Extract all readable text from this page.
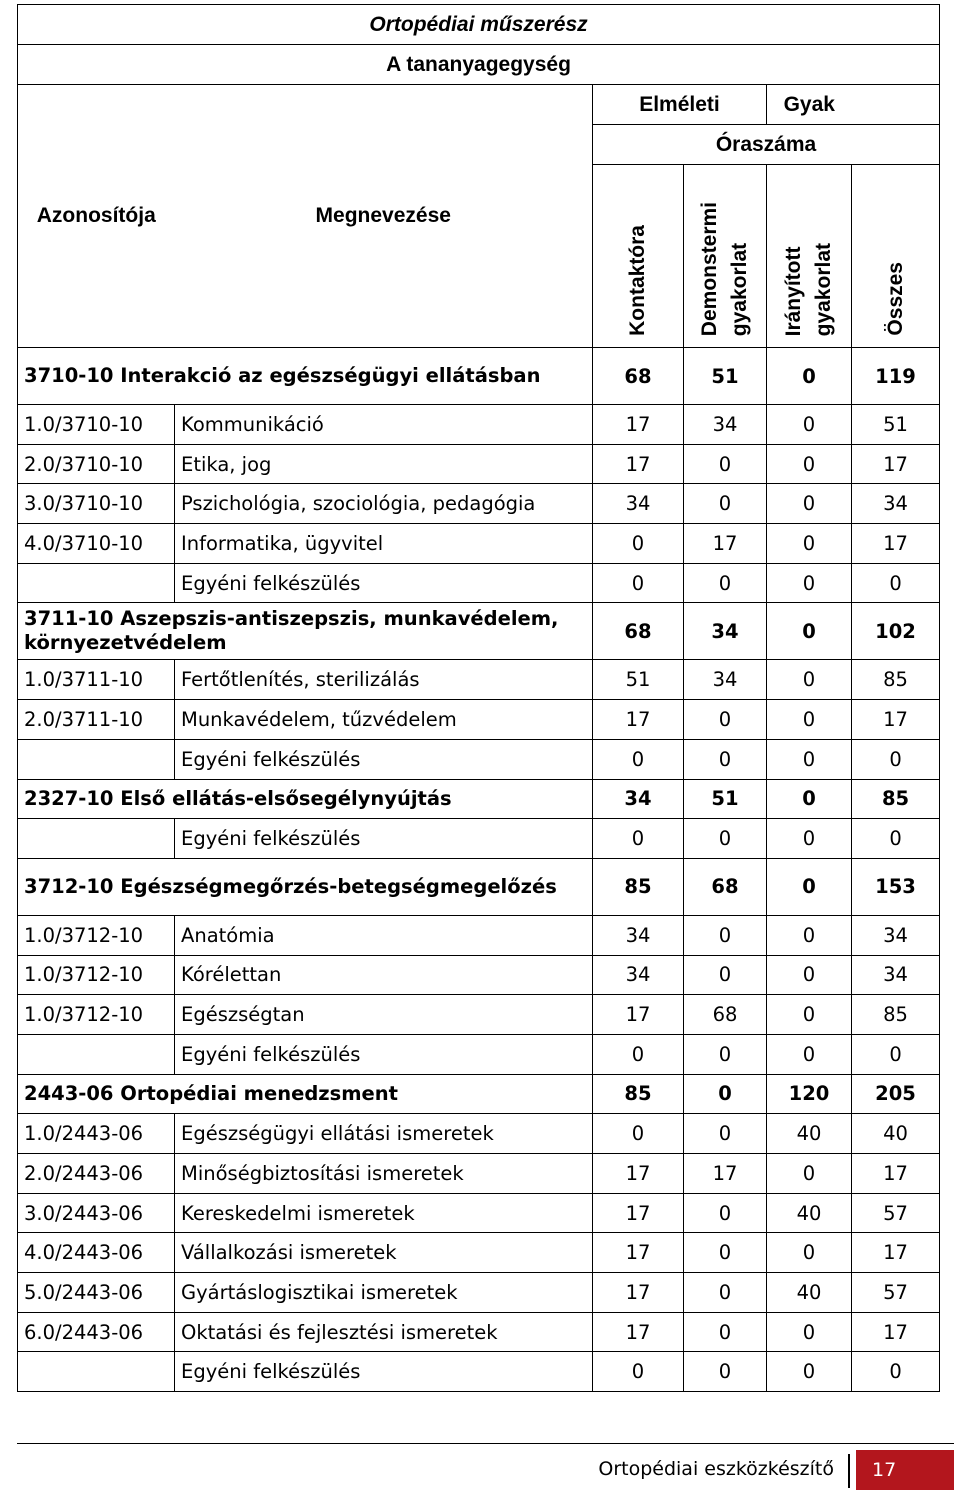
Ortopédiai műszerész					
A tananyagegység					
Azonosítója	Megnevezése	Elméleti		Gyak	
		Óraszáma			
		Kontaktóra	Demonstermi gyakorlat	Irányított gyakorlat	Összes
3710-10 Interakció az egészségügyi ellátásban		68	51	0	119
1.0/3710-10	Kommunikáció	17	34	0	51
2.0/3710-10	Etika, jog	17	0	0	17
3.0/3710-10	Pszichológia, szociológia, pedagógia	34	0	0	34
4.0/3710-10	Informatika, ügyvitel	0	17	0	17
	Egyéni felkészülés	0	0	0	0
3711-10 Aszepszis-antiszepszis, munkavédelem, környezetvédelem		68	34	0	102
1.0/3711-10	Fertőtlenítés, sterilizálás	51	34	0	85
2.0/3711-10	Munkavédelem, tűzvédelem	17	0	0	17
	Egyéni felkészülés	0	0	0	0
2327-10 Első ellátás-elsősegélynyújtás		34	51	0	85
	Egyéni felkészülés	0	0	0	0
3712-10 Egészségmegőrzés-betegségmegelőzés		85	68	0	153
1.0/3712-10	Anatómia	34	0	0	34
1.0/3712-10	Kórélettan	34	0	0	34
1.0/3712-10	Egészségtan	17	68	0	85
	Egyéni felkészülés	0	0	0	0
2443-06 Ortopédiai menedzsment		85	0	120	205
1.0/2443-06	Egészségügyi ellátási ismeretek	0	0	40	40
2.0/2443-06	Minőségbiztosítási ismeretek	17	17	0	17
3.0/2443-06	Kereskedelmi ismeretek	17	0	40	57
4.0/2443-06	Vállalkozási ismeretek	17	0	0	17
5.0/2443-06	Gyártáslogisztikai ismeretek	17	0	40	57
6.0/2443-06	Oktatási és fejlesztési ismeretek	17	0	0	17
	Egyéni felkészülés	0	0	0	0
Ortopédiai eszközkészítő	17
